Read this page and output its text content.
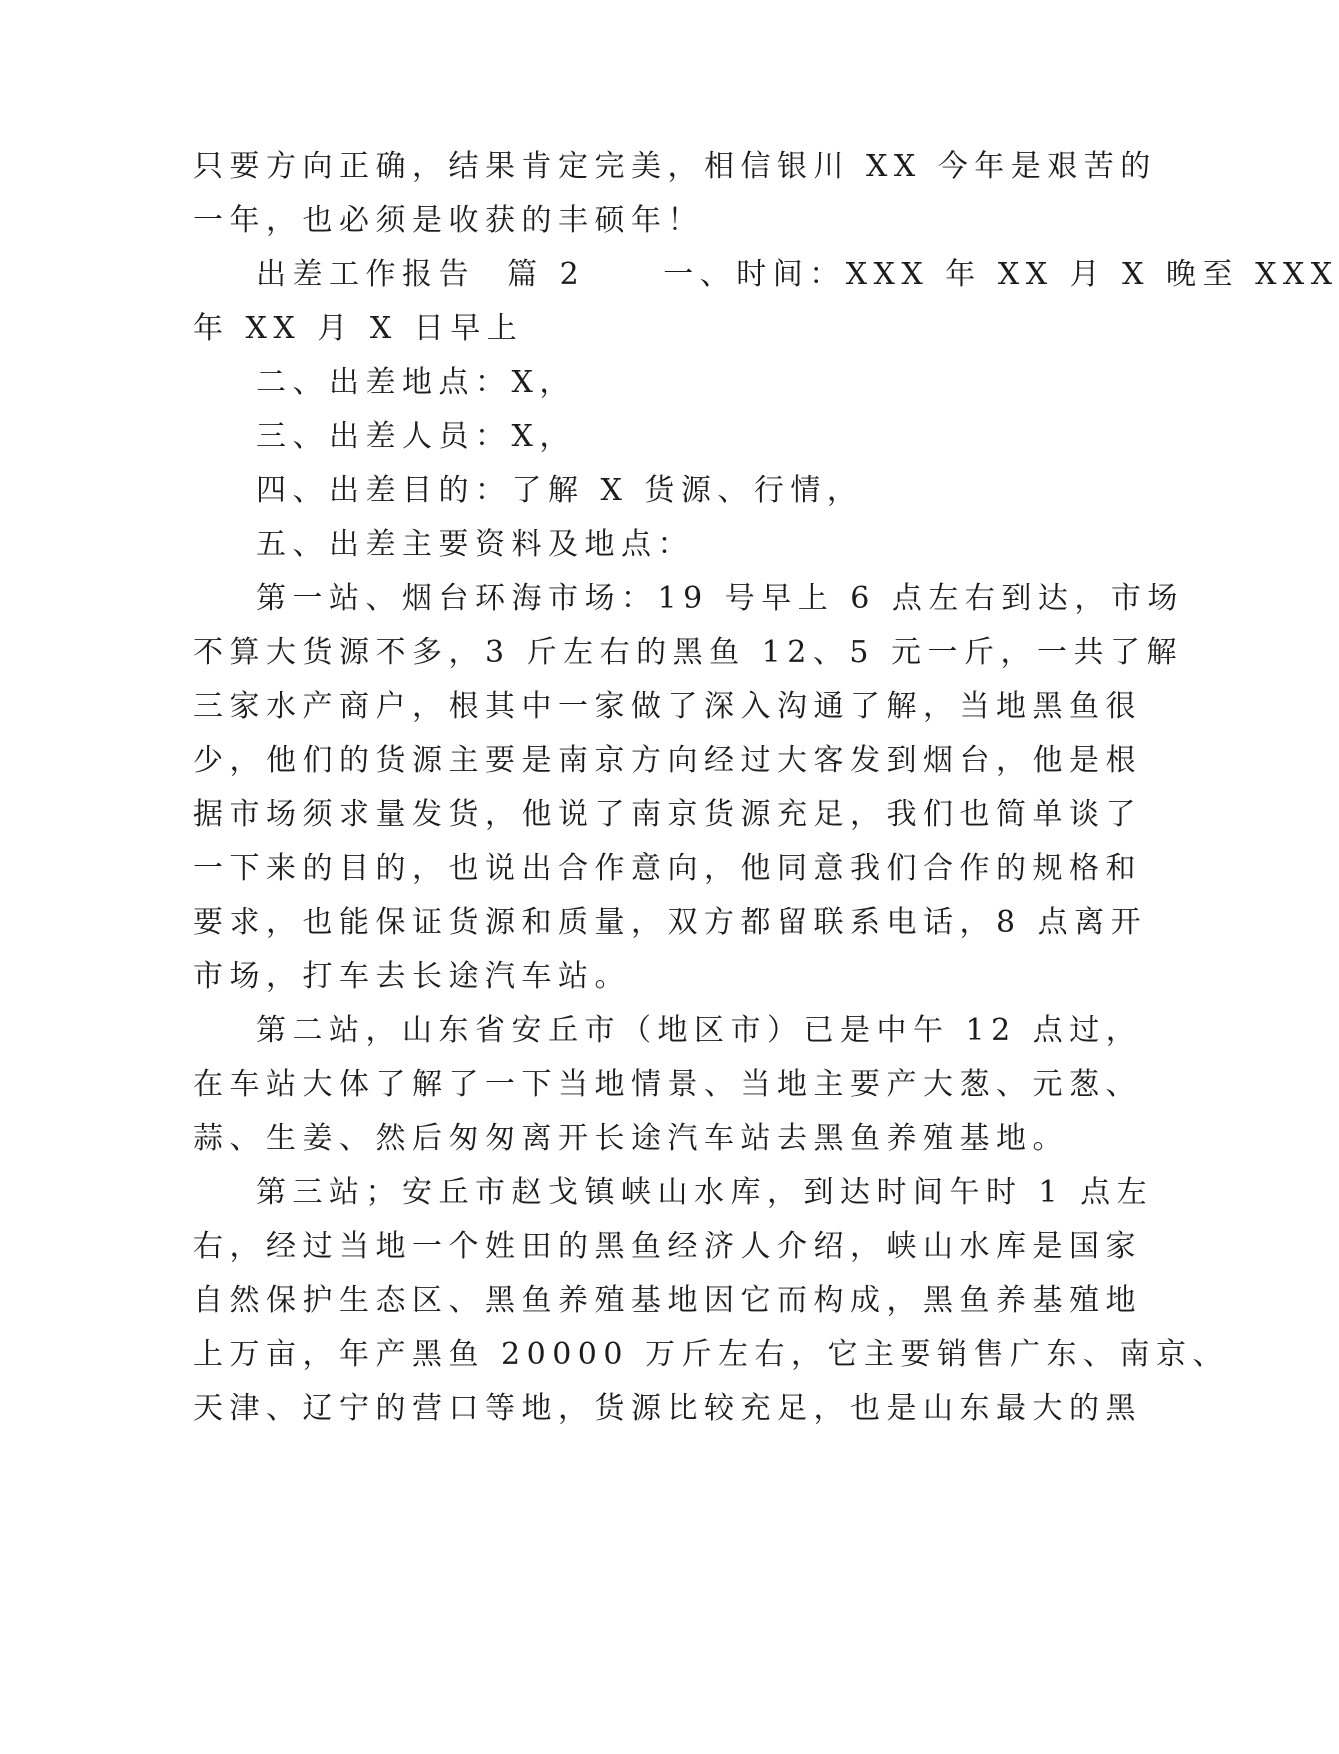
只要方向正确，结果肯定完美，相信银川 XX 今年是艰苦的
一年，也必须是收获的丰硕年！
出差工作报告  篇 2	一、时间：XXX 年 XX 月 X 晚至 XXX
年 XX 月 X 日早上
二、出差地点：X，
三、出差人员：X，
四、出差目的：了解 X 货源、行情，
五、出差主要资料及地点：
第一站、烟台环海市场：19 号早上 6 点左右到达，市场
不算大货源不多，3 斤左右的黑鱼 12、5 元一斤，一共了解
三家水产商户，根其中一家做了深入沟通了解，当地黑鱼很
少，他们的货源主要是南京方向经过大客发到烟台，他是根
据市场须求量发货，他说了南京货源充足，我们也简单谈了
一下来的目的，也说出合作意向，他同意我们合作的规格和
要求，也能保证货源和质量，双方都留联系电话，8 点离开
市场，打车去长途汽车站。
第二站，山东省安丘市（地区市）已是中午 12 点过，
在车站大体了解了一下当地情景、当地主要产大葱、元葱、
蒜、生姜、然后匆匆离开长途汽车站去黑鱼养殖基地。
第三站；安丘市赵戈镇峡山水库，到达时间午时 1 点左
右，经过当地一个姓田的黑鱼经济人介绍，峡山水库是国家
自然保护生态区、黑鱼养殖基地因它而构成，黑鱼养基殖地
上万亩，年产黑鱼 20000 万斤左右，它主要销售广东、南京、
天津、辽宁的营口等地，货源比较充足，也是山东最大的黑
